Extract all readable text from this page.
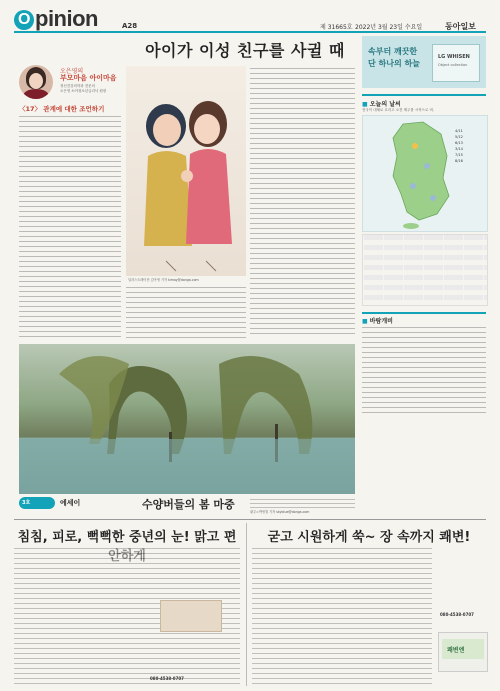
O pinion	A28	제 31665호 2022년 3월 23일 수요일	동아일보
아이가 이성 친구를 사귈 때
오은영의
부모마음 아이마음
정신건강의학과 전문의
오은영 소아청소년클리닉 원장
〈17〉 관계에 대한 조언하기
일러스트레이션 김아영 기자 kimay@donga.com
속부터 깨끗한
단 하나의 하늘
LG WHISEN
Object collection
■ 오늘의 날씨
전국이 대체로 흐리고 오전 제주를 시작으로 비.
4/11
5/12
6/13
3/14
7/15
8/16
■ 바람개비
3호	에세이	수양버들의 봄 마중
광주=박영철 기자 skyblue@donga.com
침침, 피로, 뻑뻑한 중년의 눈! 맑고 편	굳고 시원하게 쑥~ 장 속까지 쾌변!
쾌변엔
080-4538-0707
080-4538-0707
